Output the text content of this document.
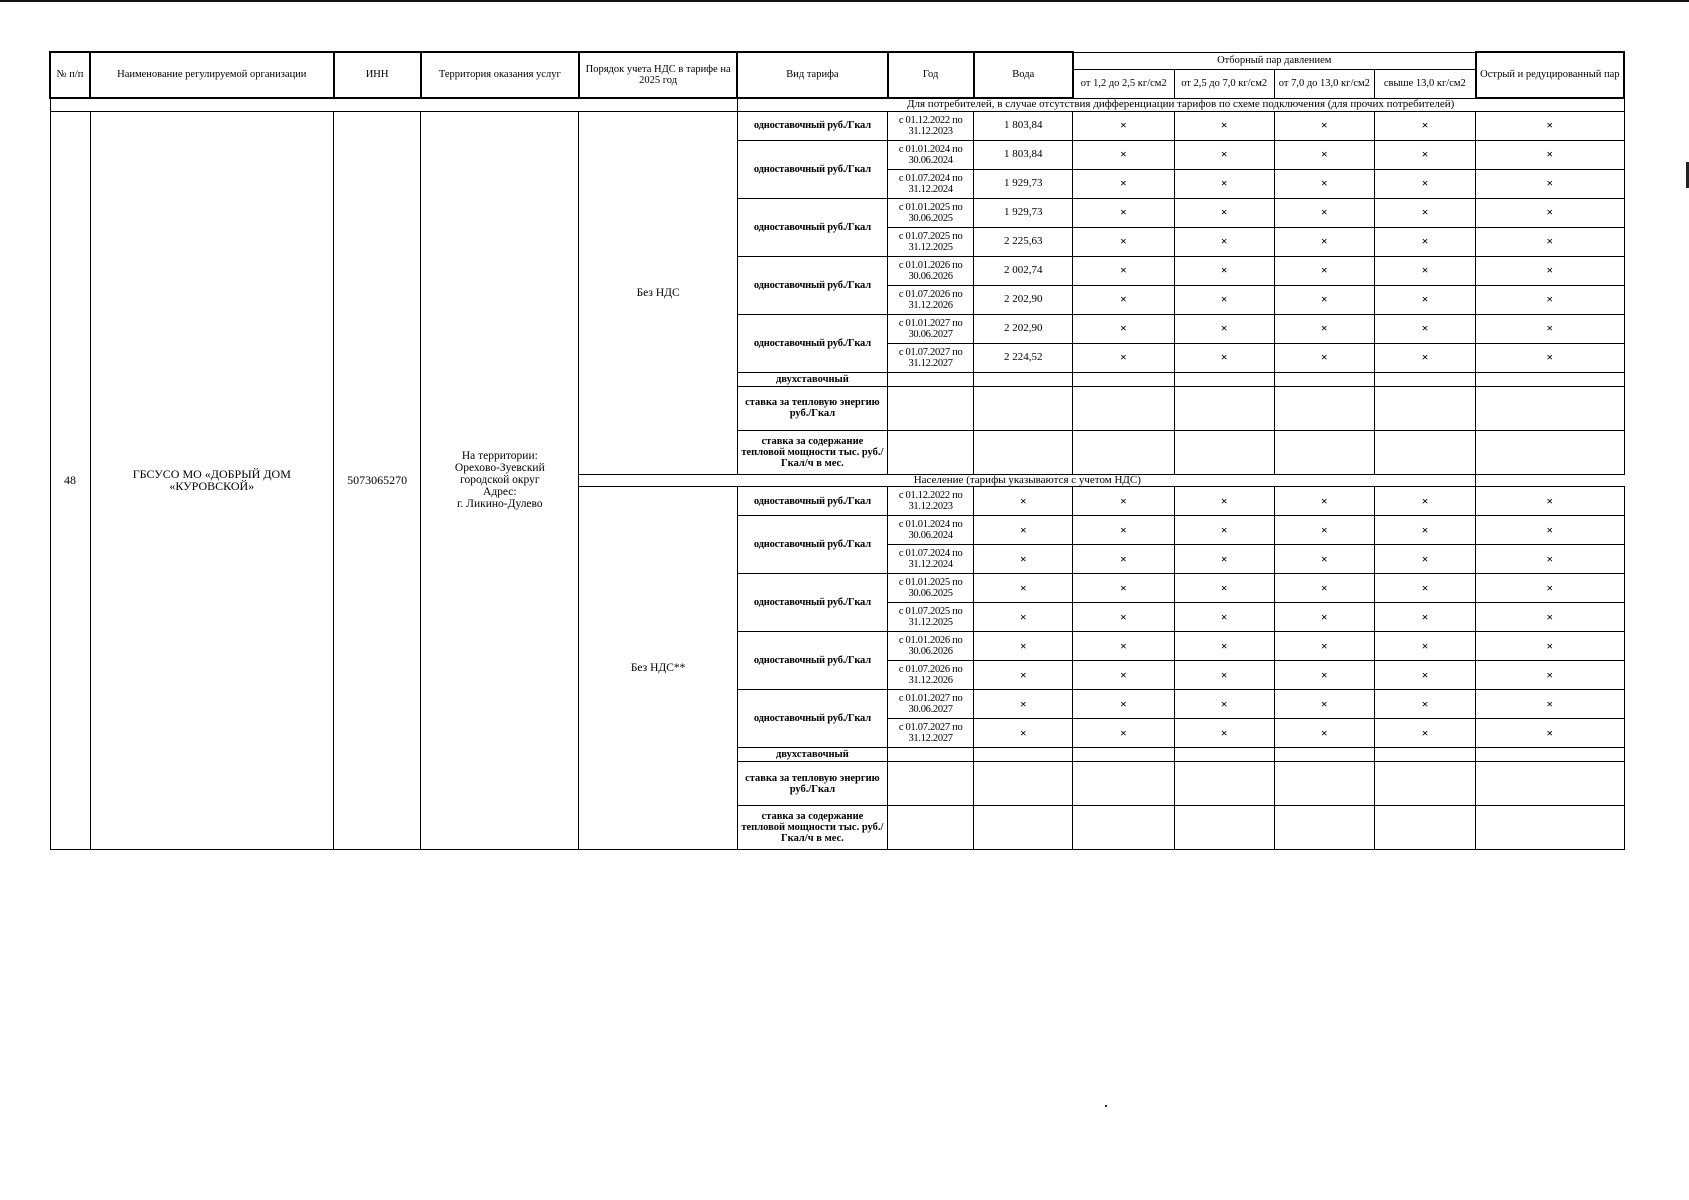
№ п/п	Наименование регулируемой организации	ИНН	Территория оказания услуг	Порядок учета НДС в тарифе на 2025 год	Вид тарифа	Год	Вода	Отборный пар давлением				Острый и редуцированный пар
								от 1,2 до 2,5 кг/см2	от 2,5 до 7,0 кг/см2	от 7,0 до 13,0 кг/см2	свыше 13,0 кг/см2	
					Для потребителей, в случае отсутствия дифференциации тарифов по схеме подключения (для прочих потребителей)							
48	ГБСУСО МО «ДОБРЫЙ ДОМ «КУРОВСКОЙ»	5073065270	На территории:
Орехово-Зуевский
городской округ
Адрес:
г. Ликино-Дулево	Без НДС	одноставочный руб./Гкал	с 01.12.2022 по 31.12.2023	1 803,84	×	×	×	×	×
					одноставочный руб./Гкал	с 01.01.2024 по 30.06.2024	1 803,84	×	×	×	×	×
						с 01.07.2024 по 31.12.2024	1 929,73	×	×	×	×	×
					одноставочный руб./Гкал	с 01.01.2025 по 30.06.2025	1 929,73	×	×	×	×	×
						с 01.07.2025 по 31.12.2025	2 225,63	×	×	×	×	×
					одноставочный руб./Гкал	с 01.01.2026 по 30.06.2026	2 002,74	×	×	×	×	×
						с 01.07.2026 по 31.12.2026	2 202,90	×	×	×	×	×
					одноставочный руб./Гкал	с 01.01.2027 по 30.06.2027	2 202,90	×	×	×	×	×
						с 01.07.2027 по 31.12.2027	2 224,52	×	×	×	×	×
					двухставочный							
					ставка за тепловую энергию руб./Гкал							
					ставка за содержание тепловой мощности тыс. руб./Гкал/ч в мес.							
				Население (тарифы указываются с учетом НДС)								
				Без НДС**	одноставочный руб./Гкал	с 01.12.2022 по 31.12.2023	×	×	×	×	×	×
					одноставочный руб./Гкал	с 01.01.2024 по 30.06.2024	×	×	×	×	×	×
						с 01.07.2024 по 31.12.2024	×	×	×	×	×	×
					одноставочный руб./Гкал	с 01.01.2025 по 30.06.2025	×	×	×	×	×	×
						с 01.07.2025 по 31.12.2025	×	×	×	×	×	×
					одноставочный руб./Гкал	с 01.01.2026 по 30.06.2026	×	×	×	×	×	×
						с 01.07.2026 по 31.12.2026	×	×	×	×	×	×
					одноставочный руб./Гкал	с 01.01.2027 по 30.06.2027	×	×	×	×	×	×
						с 01.07.2027 по 31.12.2027	×	×	×	×	×	×
					двухставочный							
					ставка за тепловую энергию руб./Гкал							
					ставка за содержание тепловой мощности тыс. руб./Гкал/ч в мес.							
